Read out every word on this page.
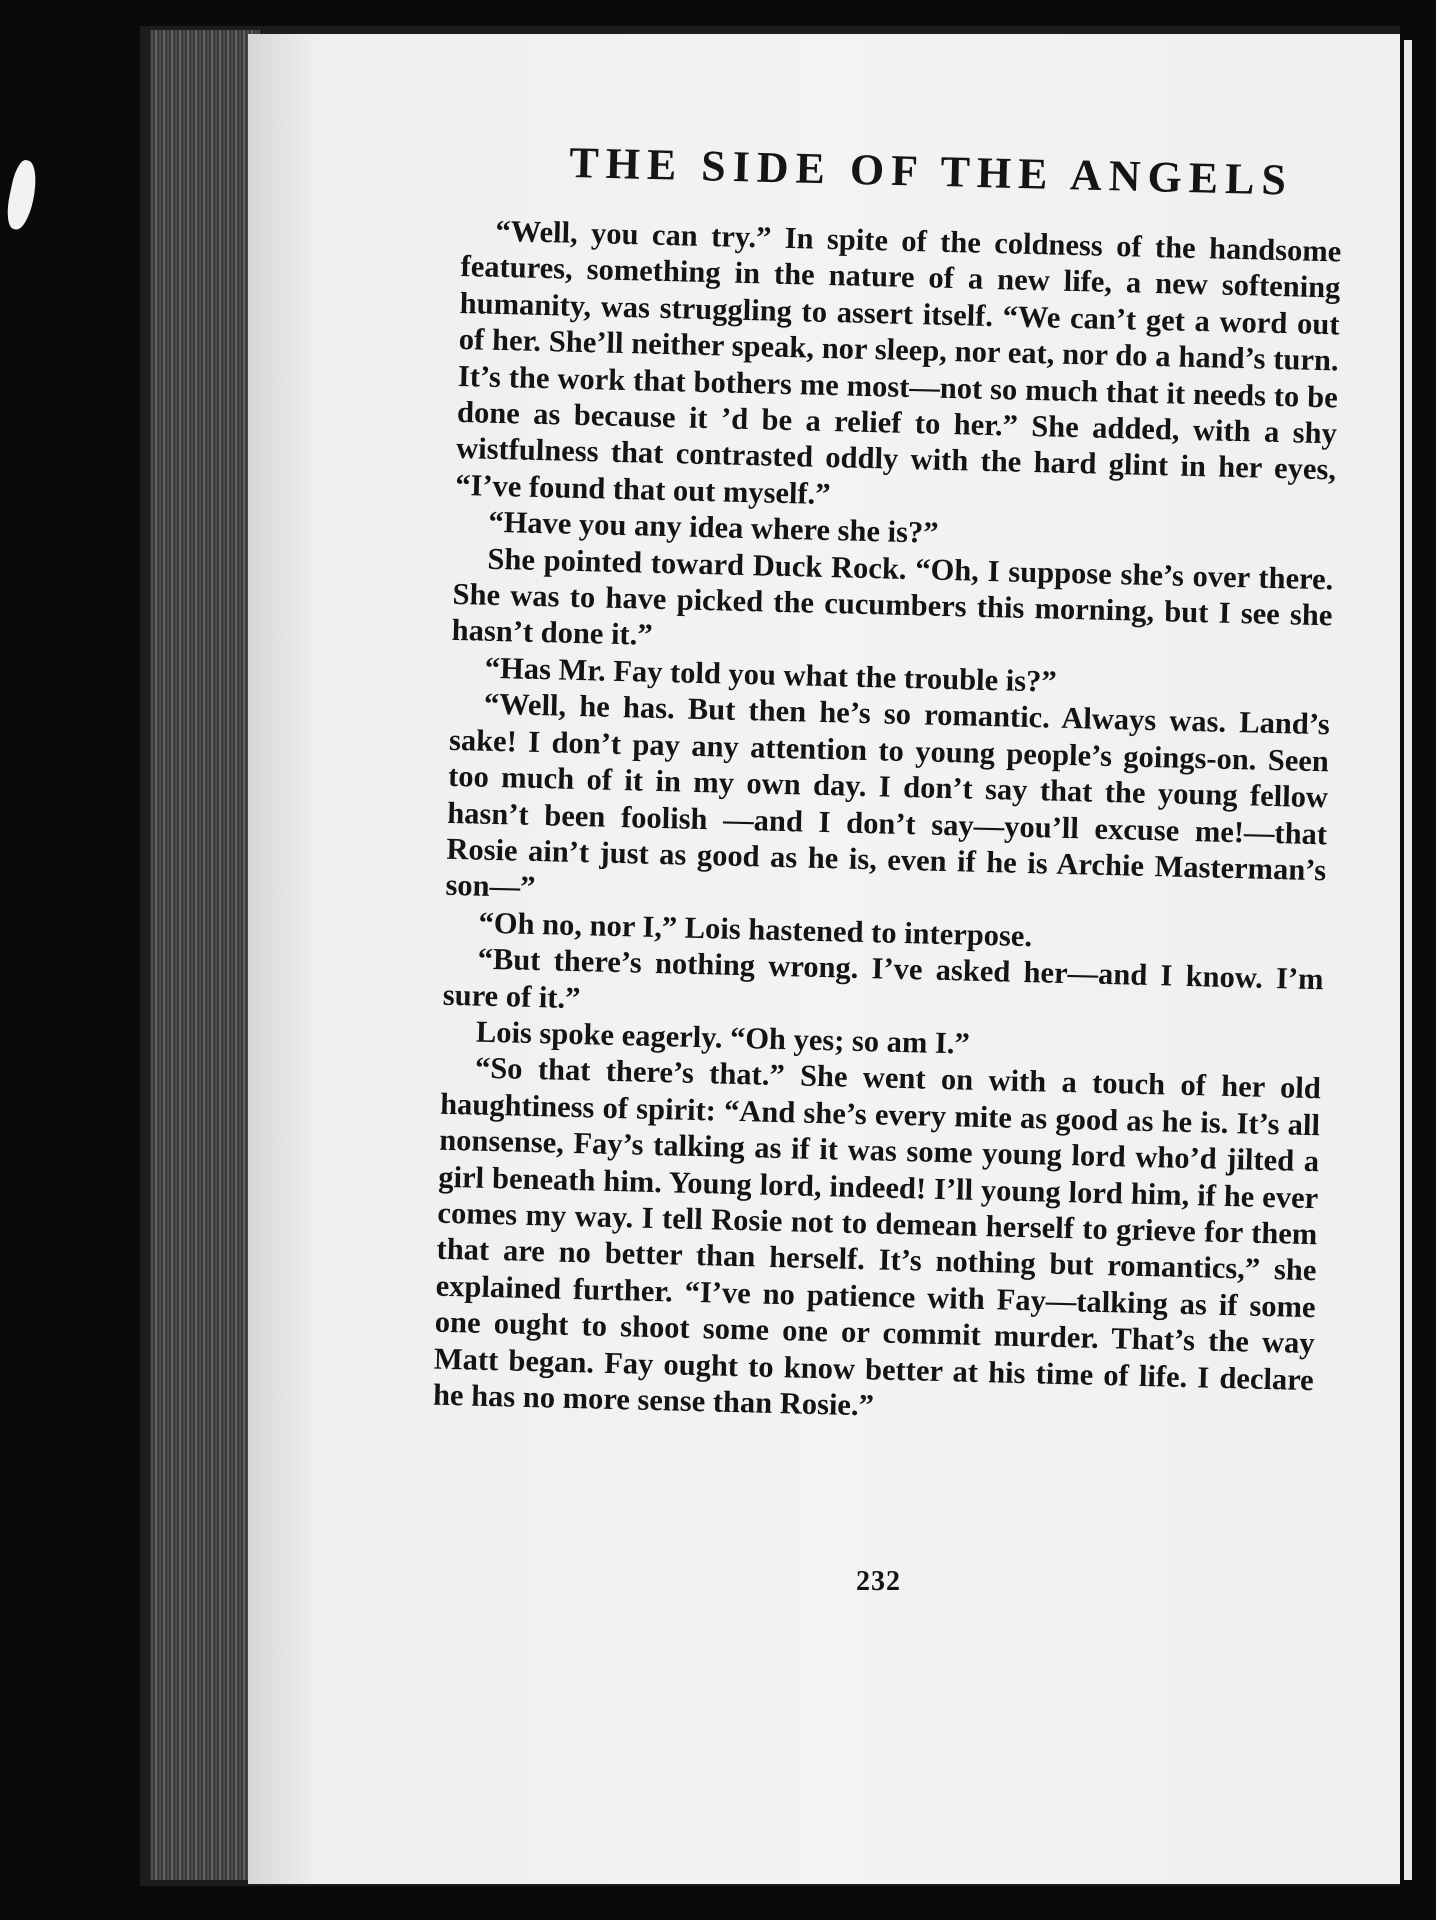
THE SIDE OF THE ANGELS

“Well, you can try.” In spite of the coldness of the handsome features, something in the nature of a new life, a new softening humanity, was struggling to assert itself. “We can’t get a word out of her. She’ll neither speak, nor sleep, nor eat, nor do a hand’s turn. It’s the work that bothers me most—not so much that it needs to be done as because it ’d be a relief to her.” She added, with a shy wistfulness that contrasted oddly with the hard glint in her eyes, “I’ve found that out myself.”

“Have you any idea where she is?”

She pointed toward Duck Rock. “Oh, I suppose she’s over there. She was to have picked the cucumbers this morning, but I see she hasn’t done it.”

“Has Mr. Fay told you what the trouble is?”

“Well, he has. But then he’s so romantic. Always was. Land’s sake! I don’t pay any attention to young people’s goings-on. Seen too much of it in my own day. I don’t say that the young fellow hasn’t been foolish —and I don’t say—you’ll excuse me!—that Rosie ain’t just as good as he is, even if he is Archie Masterman’s son—”

“Oh no, nor I,” Lois hastened to interpose.

“But there’s nothing wrong. I’ve asked her—and I know. I’m sure of it.”

Lois spoke eagerly. “Oh yes; so am I.”

“So that there’s that.” She went on with a touch of her old haughtiness of spirit: “And she’s every mite as good as he is. It’s all nonsense, Fay’s talking as if it was some young lord who’d jilted a girl beneath him. Young lord, indeed! I’ll young lord him, if he ever comes my way. I tell Rosie not to demean herself to grieve for them that are no better than herself. It’s nothing but romantics,” she explained further. “I’ve no patience with Fay—talking as if some one ought to shoot some one or commit murder. That’s the way Matt began. Fay ought to know better at his time of life. I declare he has no more sense than Rosie.”

232
